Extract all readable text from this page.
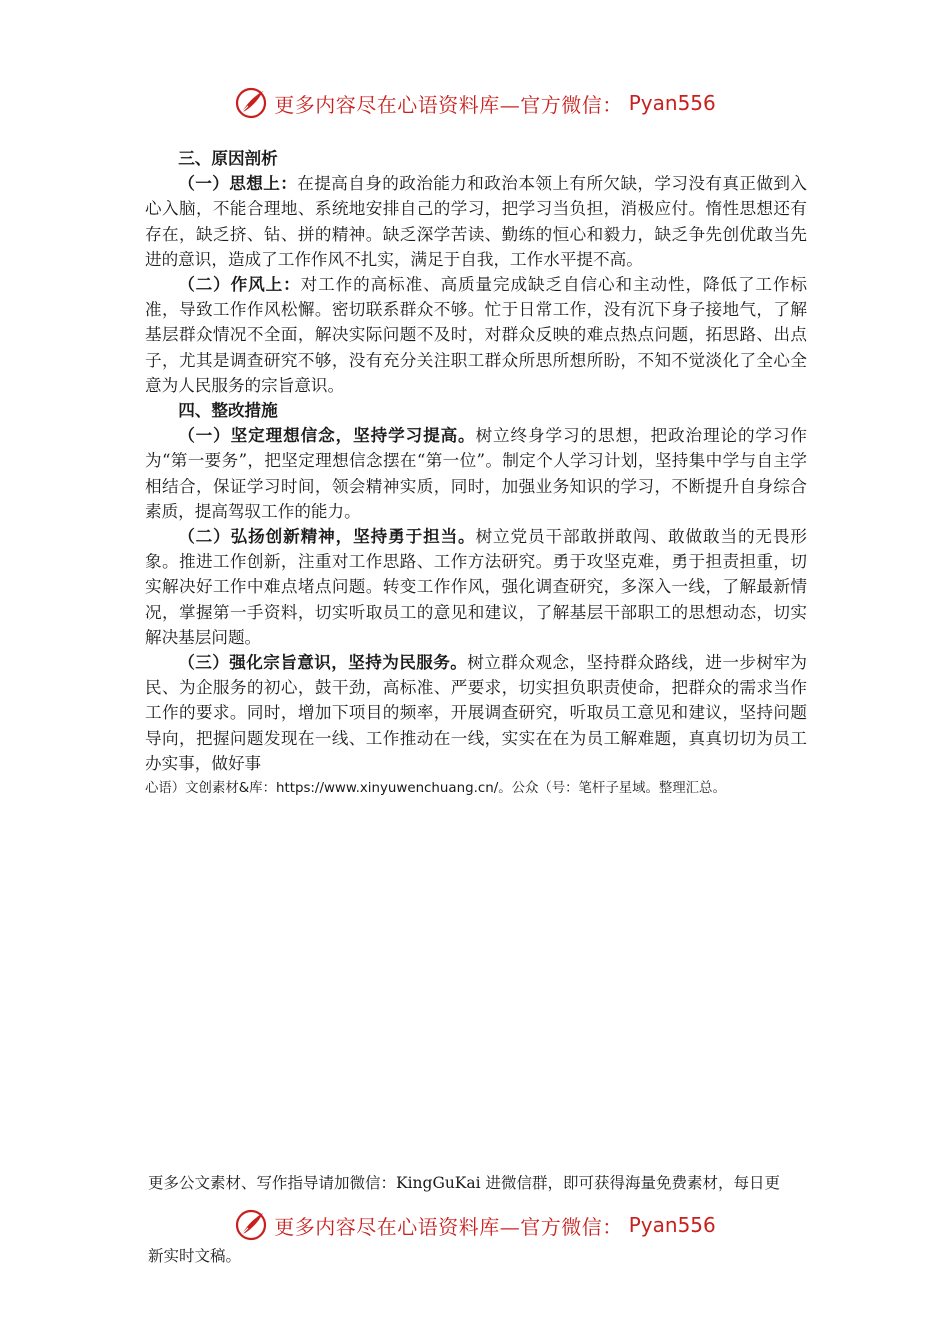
更多内容尽在心语资料库—官方微信： Pyan556

三、原因剖析

（一）思想上：在提高自身的政治能力和政治本领上有所欠缺，学习没有真正做到入心入脑，不能合理地、系统地安排自己的学习，把学习当负担，消极应付。惰性思想还有存在，缺乏挤、钻、拼的精神。缺乏深学苦读、勤练的恒心和毅力，缺乏争先创优敢当先进的意识，造成了工作作风不扎实，满足于自我，工作水平提不高。

（二）作风上：对工作的高标准、高质量完成缺乏自信心和主动性，降低了工作标准，导致工作作风松懈。密切联系群众不够。忙于日常工作，没有沉下身子接地气，了解基层群众情况不全面，解决实际问题不及时，对群众反映的难点热点问题，拓思路、出点子，尤其是调查研究不够，没有充分关注职工群众所思所想所盼，不知不觉淡化了全心全意为人民服务的宗旨意识。

四、整改措施

（一）坚定理想信念，坚持学习提高。树立终身学习的思想，把政治理论的学习作为“第一要务”，把坚定理想信念摆在“第一位”。制定个人学习计划，坚持集中学与自主学相结合，保证学习时间，领会精神实质，同时，加强业务知识的学习，不断提升自身综合素质，提高驾驭工作的能力。

（二）弘扬创新精神，坚持勇于担当。树立党员干部敢拼敢闯、敢做敢当的无畏形象。推进工作创新，注重对工作思路、工作方法研究。勇于攻坚克难，勇于担责担重，切实解决好工作中难点堵点问题。转变工作作风，强化调查研究，多深入一线，了解最新情况，掌握第一手资料，切实听取员工的意见和建议，了解基层干部职工的思想动态，切实解决基层问题。

（三）强化宗旨意识，坚持为民服务。树立群众观念，坚持群众路线，进一步树牢为民、为企服务的初心，鼓干劲，高标准、严要求，切实担负职责使命，把群众的需求当作工作的要求。同时，增加下项目的频率，开展调查研究，听取员工意见和建议，坚持问题导向，把握问题发现在一线、工作推动在一线，实实在在为员工解难题，真真切切为员工办实事，做好事

心语）文创素材&库：https://www.xinyuwenchuang.cn/。公众（号：笔杆子星域。整理汇总。

更多公文素材、写作指导请加微信：KingGuKai 进微信群，即可获得海量免费素材，每日更
更多内容尽在心语资料库—官方微信： Pyan556
新实时文稿。
